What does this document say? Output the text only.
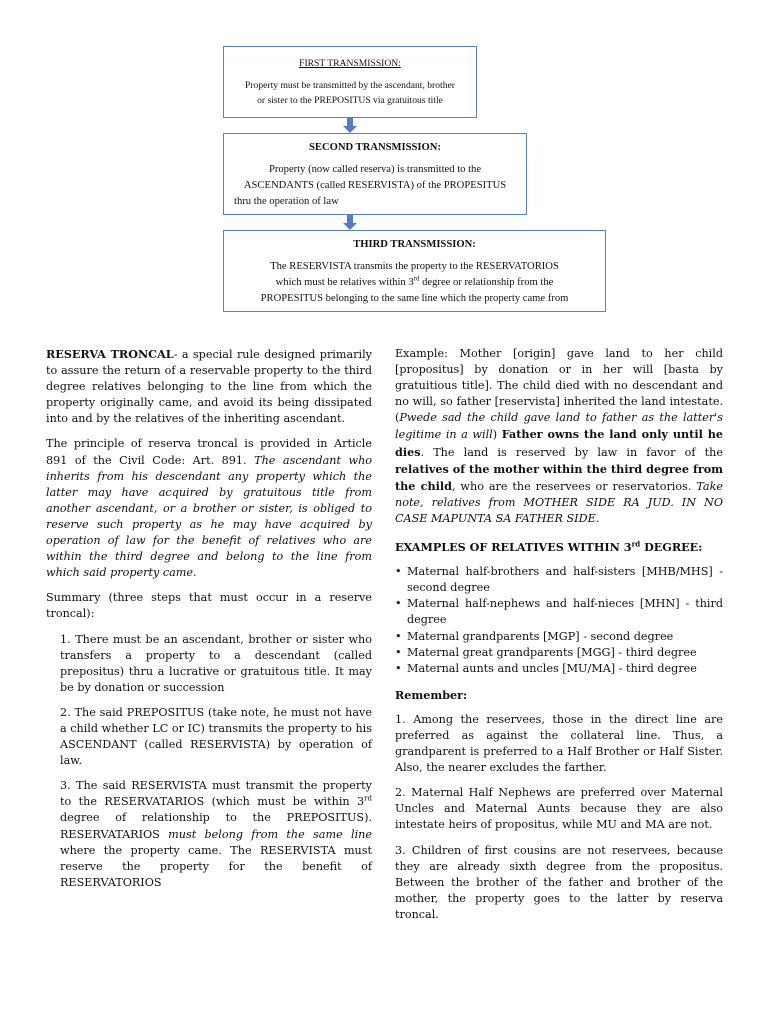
FIRST TRANSMISSION:
Property must be transmitted by the ascendant, brother
or sister to the PREPOSITUS via gratuitous title
SECOND TRANSMISSION:
Property (now called reserva) is transmitted to the
ASCENDANTS (called RESERVISTA) of the PROPESITUS
thru the operation of law
THIRD TRANSMISSION:
The RESERVISTA transmits the property to the RESERVATORIOS
which must be relatives within 3rd degree or relationship from the
PROPESITUS belonging to the same line which the property came from

RESERVA TRONCAL- a special rule designed primarily to assure the return of a reservable property to the third degree relatives belonging to the line from which the property originally came, and avoid its being dissipated into and by the relatives of the inheriting ascendant.

The principle of reserva troncal is provided in Article 891 of the Civil Code: Art. 891. The ascendant who inherits from his descendant any property which the latter may have acquired by gratuitous title from another ascendant, or a brother or sister, is obliged to reserve such property as he may have acquired by operation of law for the benefit of relatives who are within the third degree and belong to the line from which said property came.

Summary (three steps that must occur in a reserve troncal):

1. There must be an ascendant, brother or sister who transfers a property to a descendant (called prepositus) thru a lucrative or gratuitous title. It may be by donation or succession
2. The said PREPOSITUS (take note, he must not have a child whether LC or IC) transmits the property to his ASCENDANT (called RESERVISTA) by operation of law.
3. The said RESERVISTA must transmit the property to the RESERVATARIOS (which must be within 3rd degree of relationship to the PREPOSITUS). RESERVATARIOS must belong from the same line where the property came. The RESERVISTA must reserve the property for the benefit of RESERVATORIOS

Example: Mother [origin] gave land to her child [propositus] by donation or in her will [basta by gratuitious title]. The child died with no descendant and no will, so father [reservista] inherited the land intestate. (Pwede sad the child gave land to father as the latter's legitime in a will) Father owns the land only until he dies. The land is reserved by law in favor of the relatives of the mother within the third degree from the child, who are the reservees or reservatorios. Take note, relatives from MOTHER SIDE RA JUD. IN NO CASE MAPUNTA SA FATHER SIDE.

EXAMPLES OF RELATIVES WITHIN 3rd DEGREE:

• Maternal half-brothers and half-sisters [MHB/MHS] - second degree
• Maternal half-nephews and half-nieces [MHN] - third degree
• Maternal grandparents [MGP] - second degree
• Maternal great grandparents [MGG] - third degree
• Maternal aunts and uncles [MU/MA] - third degree

Remember:

1. Among the reservees, those in the direct line are preferred as against the collateral line. Thus, a grandparent is preferred to a Half Brother or Half Sister. Also, the nearer excludes the farther.

2. Maternal Half Nephews are preferred over Maternal Uncles and Maternal Aunts because they are also intestate heirs of propositus, while MU and MA are not.

3. Children of first cousins are not reservees, because they are already sixth degree from the propositus. Between the brother of the father and brother of the mother, the property goes to the latter by reserva troncal.
